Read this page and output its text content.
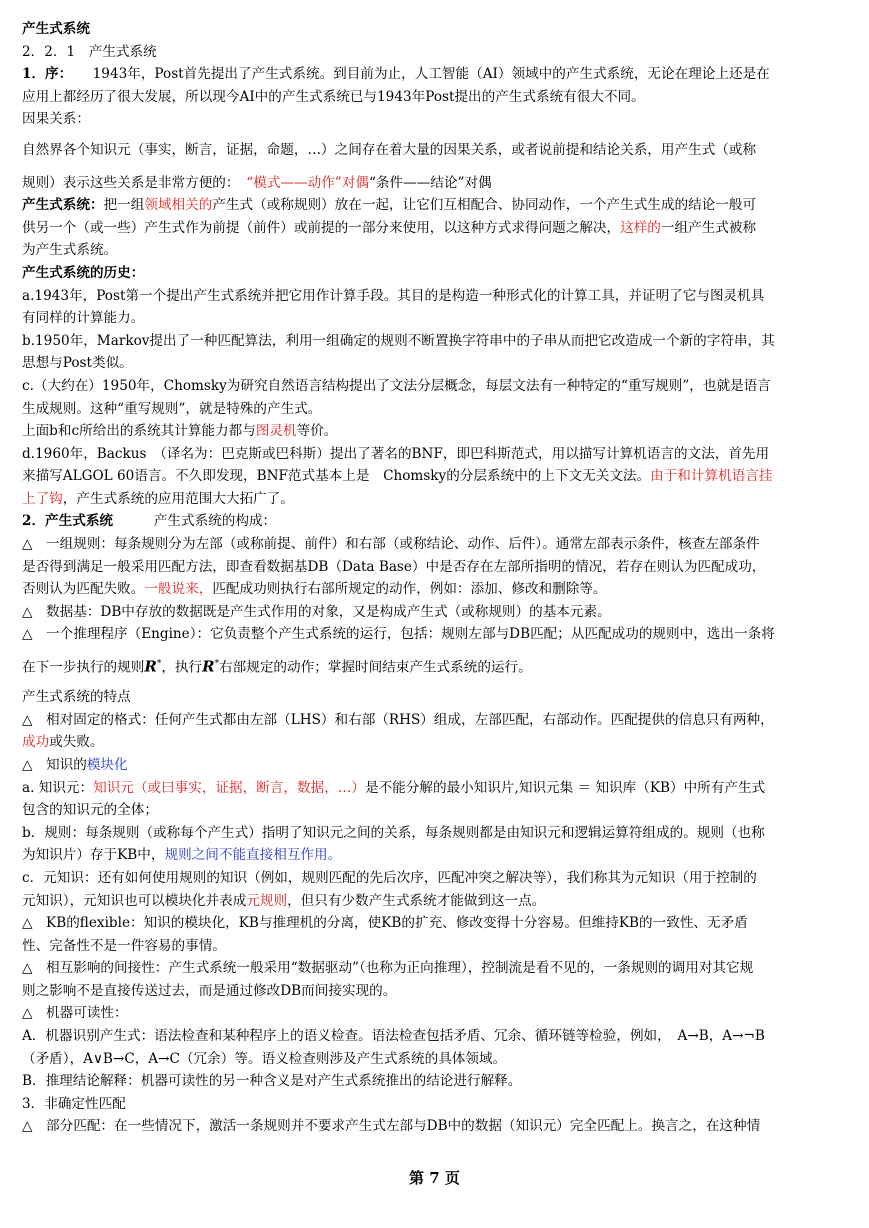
产生式系统
2．2．1　产生式系统
1．序：　　1943年，Post首先提出了产生式系统。到目前为止，人工智能（AI）领域中的产生式系统，无论在理论上还是在
应用上都经历了很大发展，所以现今AI中的产生式系统已与1943年Post提出的产生式系统有很大不同。
因果关系：
自然界各个知识元（事实，断言，证据，命题，…）之间存在着大量的因果关系，或者说前提和结论关系，用产生式（或称
规则）表示这些关系是非常方便的：　“模式——动作”对偶“条件——结论”对偶
产生式系统：把一组领域相关的产生式（或称规则）放在一起，让它们互相配合、协同动作，一个产生式生成的结论一般可
供另一个（或一些）产生式作为前提（前件）或前提的一部分来使用，以这种方式求得问题之解决，这样的一组产生式被称
为产生式系统。
产生式系统的历史：
a.1943年，Post第一个提出产生式系统并把它用作计算手段。其目的是构造一种形式化的计算工具，并证明了它与图灵机具
有同样的计算能力。
b.1950年，Markov提出了一种匹配算法，利用一组确定的规则不断置换字符串中的子串从而把它改造成一个新的字符串，其
思想与Post类似。
c.（大约在）1950年，Chomsky为研究自然语言结构提出了文法分层概念，每层文法有一种特定的“重写规则”，也就是语言
生成规则。这种“重写规则”，就是特殊的产生式。
上面b和c所给出的系统其计算能力都与图灵机等价。
d.1960年，Backus　（译名为：巴克斯或巴科斯）提出了著名的BNF，即巴科斯范式，用以描写计算机语言的文法，首先用
来描写ALGOL 60语言。不久即发现，BNF范式基本上是　Chomsky的分层系统中的上下文无关文法。由于和计算机语言挂
上了钩，产生式系统的应用范围大大拓广了。
2．产生式系统　　　产生式系统的构成：
△　一组规则：每条规则分为左部（或称前提、前件）和右部（或称结论、动作、后件）。通常左部表示条件，核查左部条件
是否得到满足一般采用匹配方法，即查看数据基DB（Data Base）中是否存在左部所指明的情况，若存在则认为匹配成功，
否则认为匹配失败。一般说来，匹配成功则执行右部所规定的动作，例如：添加、修改和删除等。
△　数据基：DB中存放的数据既是产生式作用的对象，又是构成产生式（或称规则）的基本元素。
△　一个推理程序（Engine）：它负责整个产生式系统的运行，包括：规则左部与DB匹配；从匹配成功的规则中，选出一条将
在下一步执行的规则R*，执行R*右部规定的动作；掌握时间结束产生式系统的运行。
产生式系统的特点
△　相对固定的格式：任何产生式都由左部（LHS）和右部（RHS）组成，左部匹配，右部动作。匹配提供的信息只有两种，
成功或失败。
△　知识的模块化
a. 知识元：知识元（或曰事实，证据，断言，数据，…）是不能分解的最小知识片,知识元集 ＝ 知识库（KB）中所有产生式
包含的知识元的全体；
b．规则：每条规则（或称每个产生式）指明了知识元之间的关系，每条规则都是由知识元和逻辑运算符组成的。规则（也称
为知识片）存于KB中，规则之间不能直接相互作用。
c．元知识：还有如何使用规则的知识（例如，规则匹配的先后次序，匹配冲突之解决等），我们称其为元知识（用于控制的
元知识），元知识也可以模块化并表成元规则，但只有少数产生式系统才能做到这一点。
△　KB的flexible：知识的模块化，KB与推理机的分离，使KB的扩充、修改变得十分容易。但维持KB的一致性、无矛盾
性、完备性不是一件容易的事情。
△　相互影响的间接性：产生式系统一般采用“数据驱动”（也称为正向推理），控制流是看不见的，一条规则的调用对其它规
则之影响不是直接传送过去，而是通过修改DB而间接实现的。
△　机器可读性：
A．机器识别产生式：语法检查和某种程序上的语义检查。语法检查包括矛盾、冗余、循环链等检验，例如，　A→B，A→¬B
（矛盾），A∨B→C，A→C（冗余）等。语义检查则涉及产生式系统的具体领域。
B．推理结论解释：机器可读性的另一种含义是对产生式系统推出的结论进行解释。
3．非确定性匹配
△　部分匹配：在一些情况下，激活一条规则并不要求产生式左部与DB中的数据（知识元）完全匹配上。换言之，在这种情
第 7 页
